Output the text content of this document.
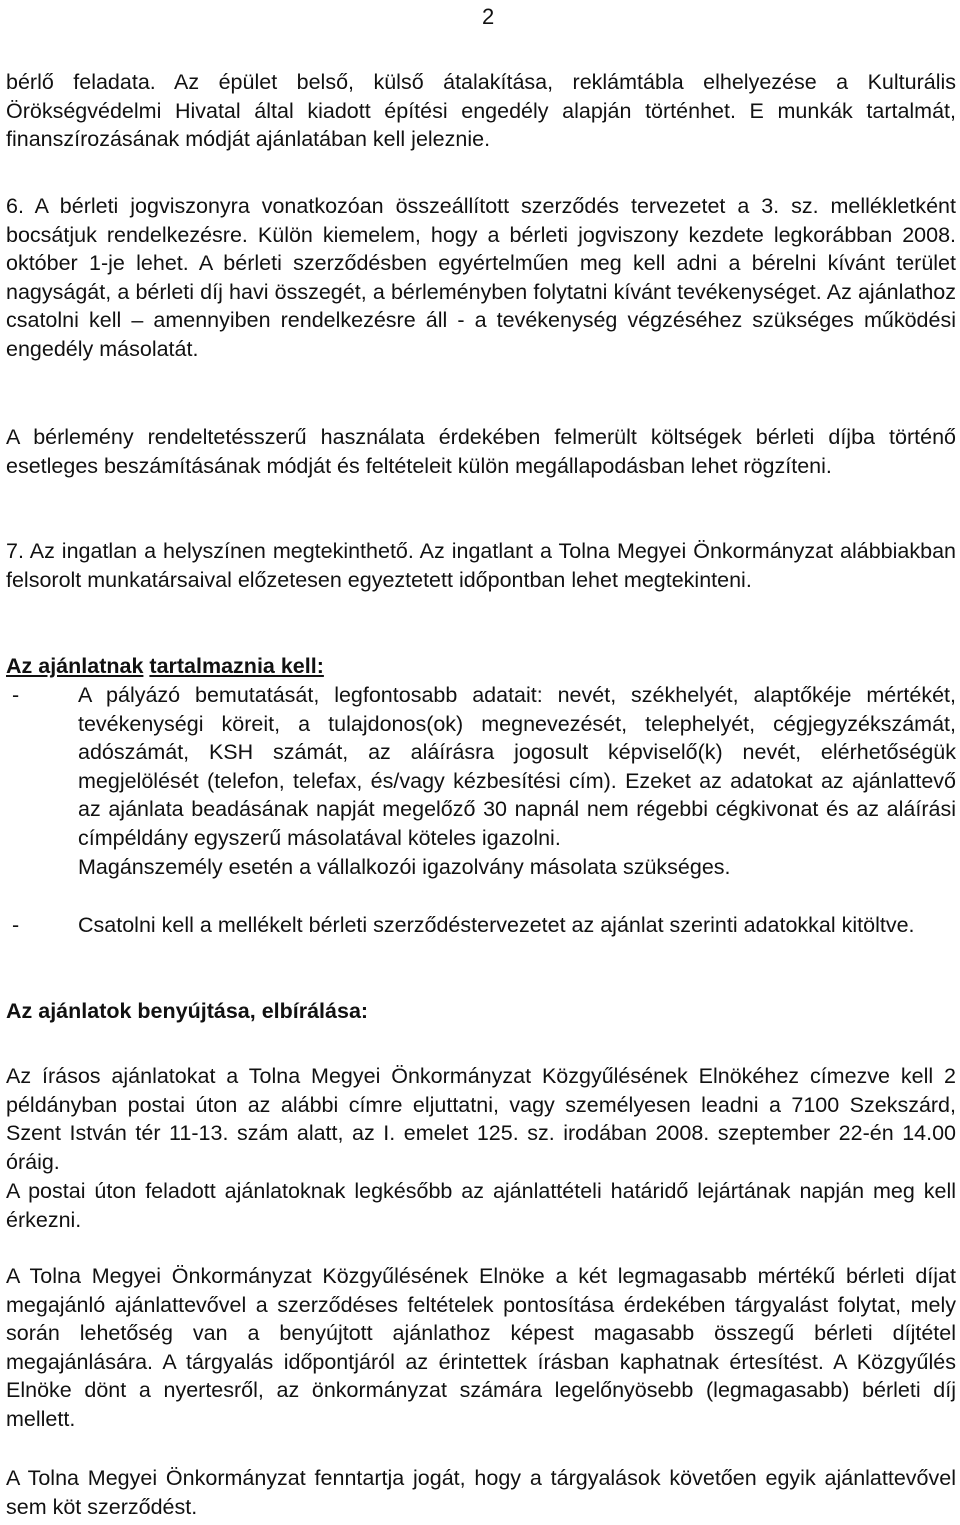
2

bérlő feladata. Az épület belső, külső átalakítása, reklámtábla elhelyezése a Kulturális Örökségvédelmi Hivatal által kiadott építési engedély alapján történhet. E munkák tartalmát, finanszírozásának módját ajánlatában kell jeleznie.

6. A bérleti jogviszonyra vonatkozóan összeállított szerződés tervezetet a 3. sz. mellékletként bocsátjuk rendelkezésre. Külön kiemelem, hogy a bérleti jogviszony kezdete legkorábban 2008. október 1-je lehet. A bérleti szerződésben egyértelműen meg kell adni a bérelni kívánt terület nagyságát, a bérleti díj havi összegét, a bérleményben folytatni kívánt tevékenységet. Az ajánlathoz csatolni kell – amennyiben rendelkezésre áll - a tevékenység végzéséhez szükséges működési engedély másolatát.

A bérlemény rendeltetésszerű használata érdekében felmerült költségek bérleti díjba történő esetleges beszámításának módját és feltételeit külön megállapodásban lehet rögzíteni.

7. Az ingatlan a helyszínen megtekinthető. Az ingatlant a Tolna Megyei Önkormányzat alábbiakban felsorolt munkatársaival előzetesen egyeztetett időpontban lehet megtekinteni.

Az ajánlatnak tartalmaznia kell:
-	A pályázó bemutatását, legfontosabb adatait: nevét, székhelyét, alaptőkéje mértékét, tevékenységi köreit, a tulajdonos(ok) megnevezését, telephelyét, cégjegyzékszámát, adószámát, KSH számát, az aláírásra jogosult képviselő(k) nevét, elérhetőségük megjelölését (telefon, telefax, és/vagy kézbesítési cím). Ezeket az adatokat az ajánlattevő az ajánlata beadásának napját megelőző 30 napnál nem régebbi cégkivonat és az aláírási címpéldány egyszerű másolatával köteles igazolni.
Magánszemély esetén a vállalkozói igazolvány másolata szükséges.
-	Csatolni kell a mellékelt bérleti szerződéstervezetet az ajánlat szerinti adatokkal kitöltve.
Az ajánlatok benyújtása, elbírálása:

Az írásos ajánlatokat a Tolna Megyei Önkormányzat Közgyűlésének Elnökéhez címezve kell 2 példányban postai úton az alábbi címre eljuttatni, vagy személyesen leadni a 7100 Szekszárd, Szent István tér 11-13. szám alatt, az I. emelet 125. sz. irodában 2008. szeptember 22-én 14.00 óráig.

A postai úton feladott ajánlatoknak legkésőbb az ajánlattételi határidő lejártának napján meg kell érkezni.

A Tolna Megyei Önkormányzat Közgyűlésének Elnöke a két legmagasabb mértékű bérleti díjat megajánló ajánlattevővel a szerződéses feltételek pontosítása érdekében tárgyalást folytat, mely során lehetőség van a benyújtott ajánlathoz képest magasabb összegű bérleti díjtétel megajánlására. A tárgyalás időpontjáról az érintettek írásban kaphatnak értesítést. A Közgyűlés Elnöke dönt a nyertesről, az önkormányzat számára legelőnyösebb (legmagasabb) bérleti díj mellett.

A Tolna Megyei Önkormányzat fenntartja jogát, hogy a tárgyalások követően egyik ajánlattevővel sem köt szerződést.
